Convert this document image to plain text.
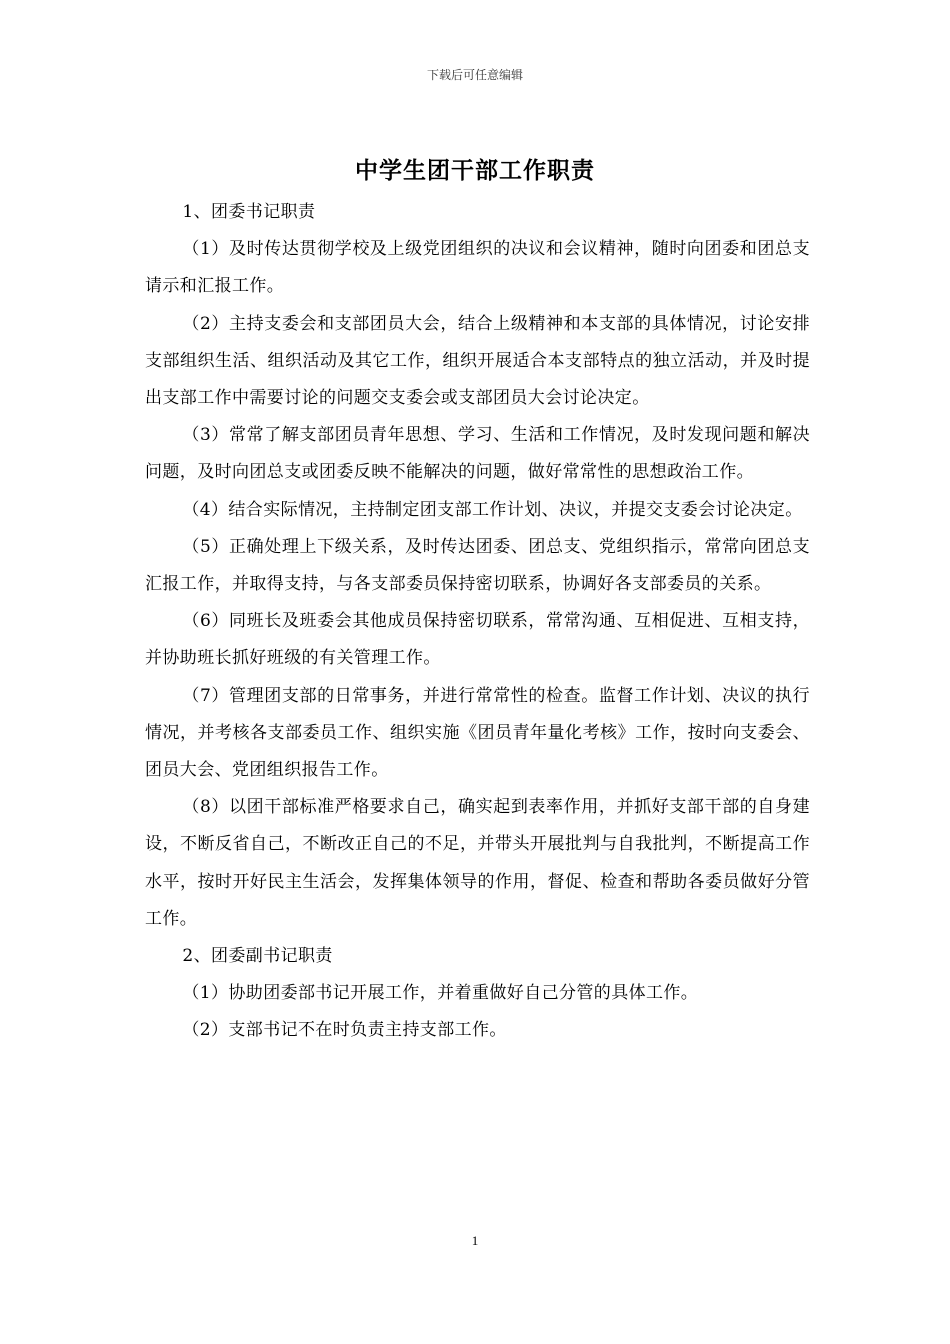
下载后可任意编辑
中学生团干部工作职责

1、团委书记职责

（1）及时传达贯彻学校及上级党团组织的决议和会议精神，随时向团委和团总支请示和汇报工作。

（2）主持支委会和支部团员大会，结合上级精神和本支部的具体情况，讨论安排支部组织生活、组织活动及其它工作，组织开展适合本支部特点的独立活动，并及时提出支部工作中需要讨论的问题交支委会或支部团员大会讨论决定。

（3）常常了解支部团员青年思想、学习、生活和工作情况，及时发现问题和解决问题，及时向团总支或团委反映不能解决的问题，做好常常性的思想政治工作。

（4）结合实际情况，主持制定团支部工作计划、决议，并提交支委会讨论决定。

（5）正确处理上下级关系，及时传达团委、团总支、党组织指示，常常向团总支汇报工作，并取得支持，与各支部委员保持密切联系，协调好各支部委员的关系。

（6）同班长及班委会其他成员保持密切联系，常常沟通、互相促进、互相支持，并协助班长抓好班级的有关管理工作。

（7）管理团支部的日常事务，并进行常常性的检查。监督工作计划、决议的执行情况，并考核各支部委员工作、组织实施《团员青年量化考核》工作，按时向支委会、团员大会、党团组织报告工作。

（8）以团干部标准严格要求自己，确实起到表率作用，并抓好支部干部的自身建设，不断反省自己，不断改正自己的不足，并带头开展批判与自我批判，不断提高工作水平，按时开好民主生活会，发挥集体领导的作用，督促、检查和帮助各委员做好分管工作。

2、团委副书记职责

（1）协助团委部书记开展工作，并着重做好自己分管的具体工作。

（2）支部书记不在时负责主持支部工作。

1
